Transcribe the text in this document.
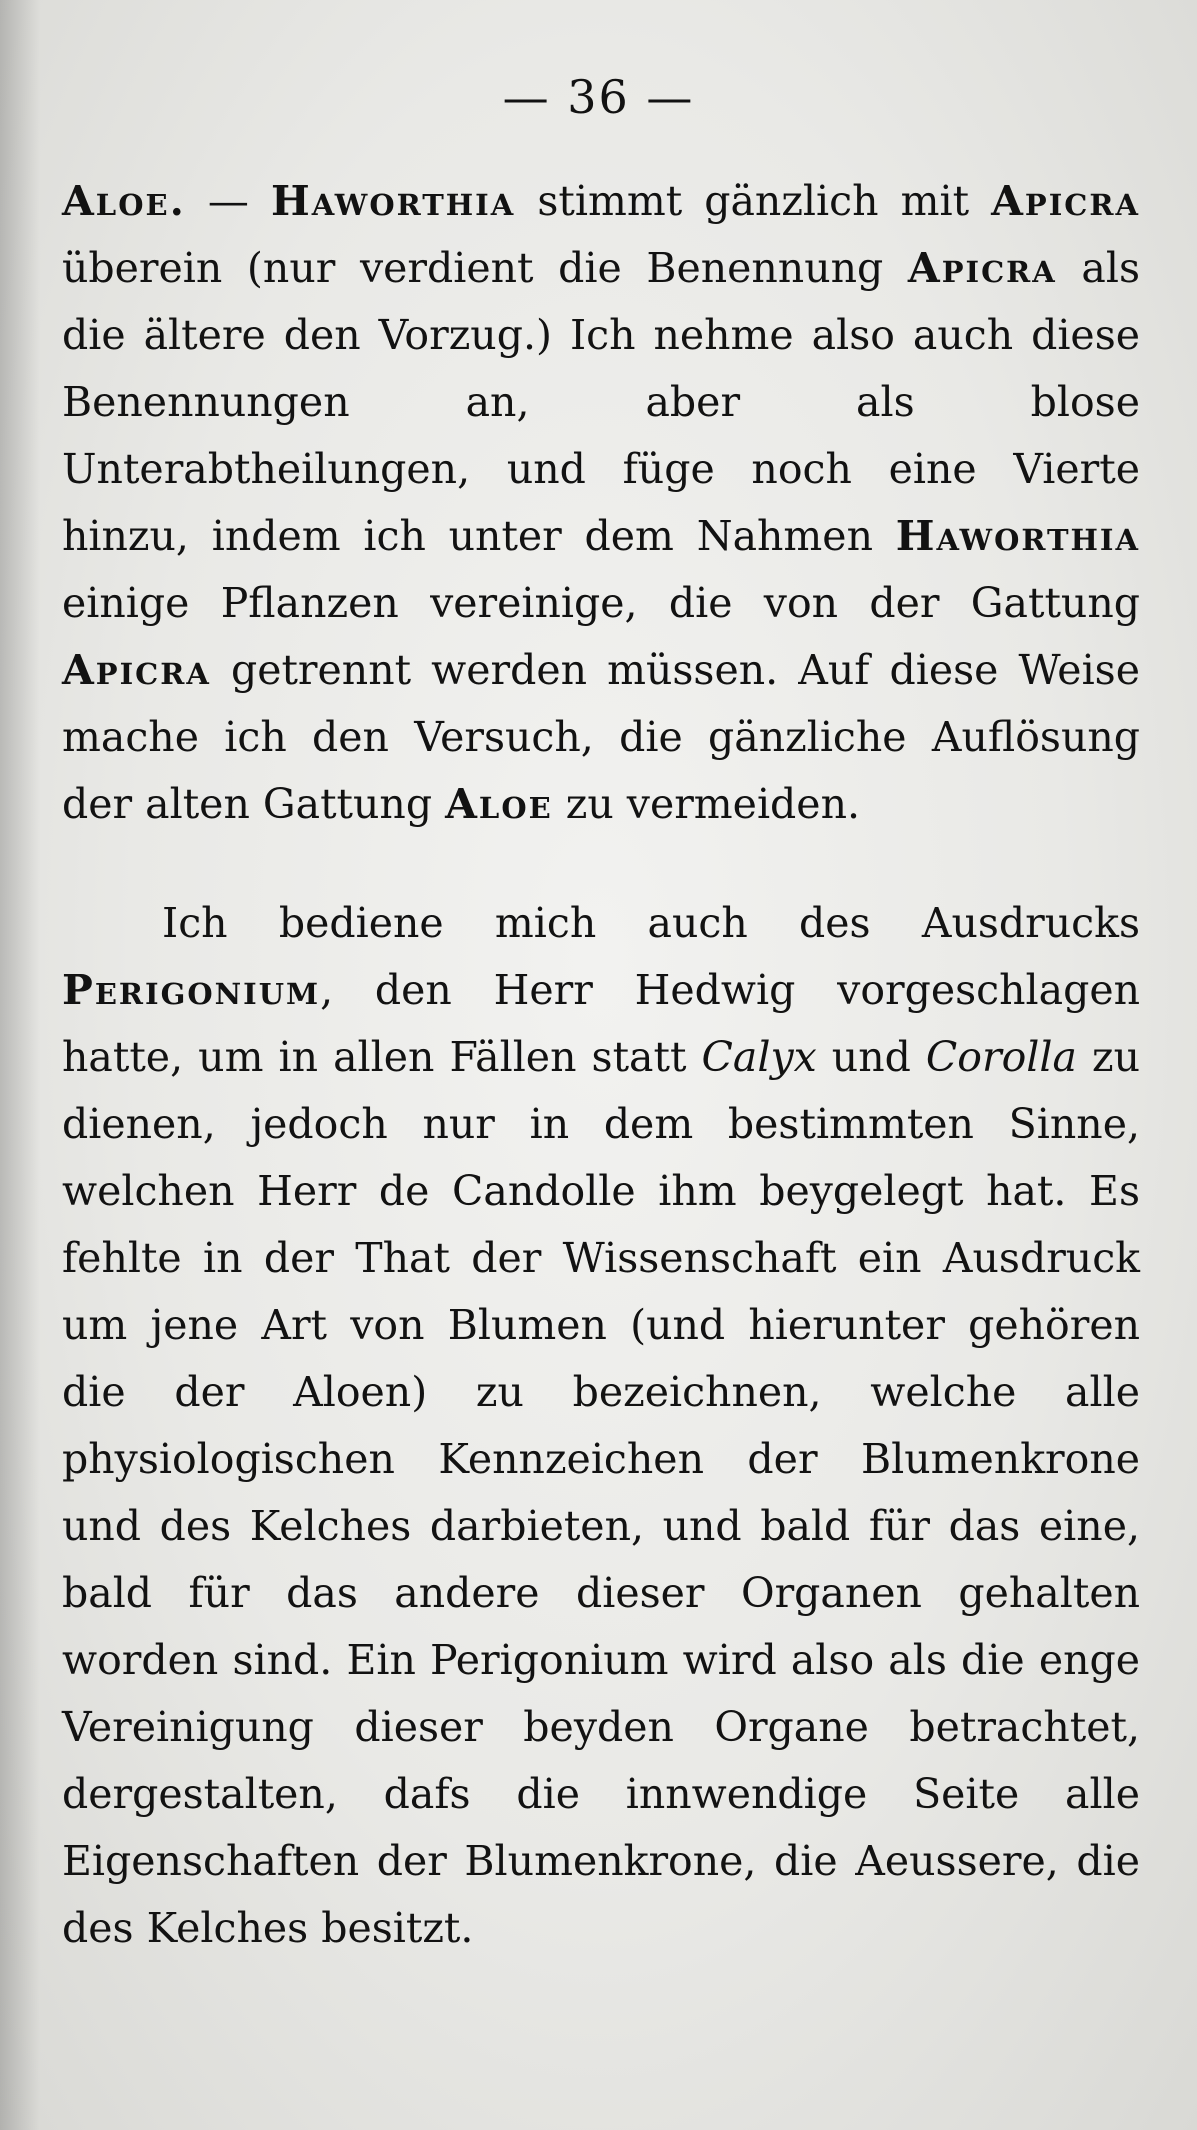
— 36 —

Aloe. — Haworthia stimmt gänzlich mit Apicra überein (nur verdient die Benennung Apicra als die ältere den Vorzug.) Ich nehme also auch diese Benennungen an, aber als blose Unterabtheilungen, und füge noch eine Vierte hinzu, indem ich unter dem Nahmen Haworthia einige Pflanzen vereinige, die von der Gattung Apicra getrennt werden müssen. Auf diese Weise mache ich den Versuch, die gänzliche Auflösung der alten Gattung Aloe zu vermeiden.

Ich bediene mich auch des Ausdrucks Perigonium, den Herr Hedwig vorgeschlagen hatte, um in allen Fällen statt Calyx und Corolla zu dienen, jedoch nur in dem bestimmten Sinne, welchen Herr de Candolle ihm beygelegt hat. Es fehlte in der That der Wissenschaft ein Ausdruck um jene Art von Blumen (und hierunter gehören die der Aloen) zu bezeichnen, welche alle physiologischen Kennzeichen der Blumenkrone und des Kelches darbieten, und bald für das eine, bald für das andere dieser Organen gehalten worden sind. Ein Perigonium wird also als die enge Vereinigung dieser beyden Organe betrachtet, dergestalten, dafs die innwendige Seite alle Eigenschaften der Blumenkrone, die Aeussere, die des Kelches besitzt.
